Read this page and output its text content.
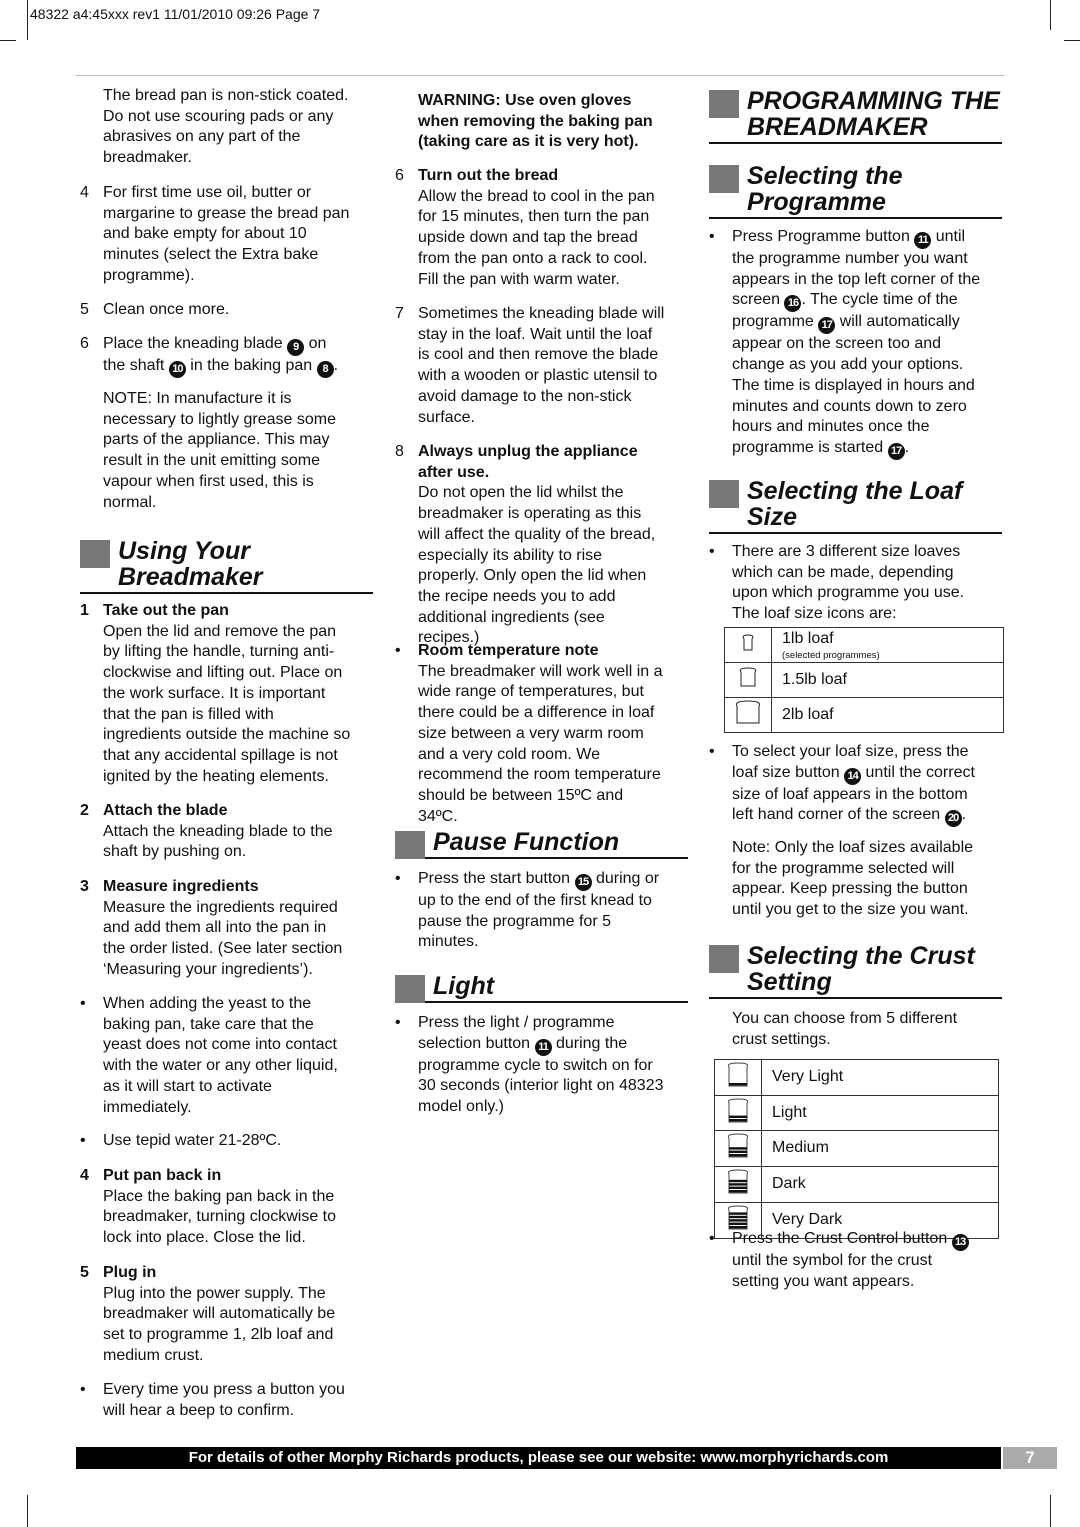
48322 a4:45xxx rev1 11/01/2010 09:26 Page 7
The bread pan is non-stick coated. Do not use scouring pads or any abrasives on any part of the breadmaker.
4 For first time use oil, butter or margarine to grease the bread pan and bake empty for about 10 minutes (select the Extra bake programme).
5 Clean once more.
6 Place the kneading blade 9 on the shaft 10 in the baking pan 8 .
NOTE: In manufacture it is necessary to lightly grease some parts of the appliance. This may result in the unit emitting some vapour when first used, this is normal.
Using Your Breadmaker
1 Take out the pan
Open the lid and remove the pan by lifting the handle, turning anti-clockwise and lifting out. Place on the work surface. It is important that the pan is filled with ingredients outside the machine so that any accidental spillage is not ignited by the heating elements.
2 Attach the blade
Attach the kneading blade to the shaft by pushing on.
3 Measure ingredients
Measure the ingredients required and add them all into the pan in the order listed. (See later section ‘Measuring your ingredients’).
•	When adding the yeast to the baking pan, take care that the yeast does not come into contact with the water or any other liquid, as it will start to activate immediately.
•	Use tepid water 21-28ºC.
4 Put pan back in
Place the baking pan back in the breadmaker, turning clockwise to lock into place. Close the lid.
5 Plug in
Plug into the power supply. The breadmaker will automatically be set to programme 1, 2lb loaf and medium crust.
•	Every time you press a button you will hear a beep to confirm.
WARNING: Use oven gloves when removing the baking pan (taking care as it is very hot).
6 Turn out the bread
Allow the bread to cool in the pan for 15 minutes, then turn the pan upside down and tap the bread from the pan onto a rack to cool. Fill the pan with warm water.
7 Sometimes the kneading blade will stay in the loaf. Wait until the loaf is cool and then remove the blade with a wooden or plastic utensil to avoid damage to the non-stick surface.
8 Always unplug the appliance after use.
Do not open the lid whilst the breadmaker is operating as this will affect the quality of the bread, especially its ability to rise properly. Only open the lid when the recipe needs you to add additional ingredients (see recipes.)
•	Room temperature note
The breadmaker will work well in a wide range of temperatures, but there could be a difference in loaf size between a very warm room and a very cold room. We recommend the room temperature should be between 15ºC and 34ºC.
Pause Function
•	Press the start button 15 during or up to the end of the first knead to pause the programme for 5 minutes.
Light
•	Press the light / programme selection button 11 during the programme cycle to switch on for 30 seconds (interior light on 48323 model only.)
PROGRAMMING THE BREADMAKER
Selecting the Programme
•	Press Programme button 11 until the programme number you want appears in the top left corner of the screen 16 . The cycle time of the programme 17 will automatically appear on the screen too and change as you add your options. The time is displayed in hours and minutes and counts down to zero hours and minutes once the programme is started 17 .
Selecting the Loaf Size
•	There are 3 different size loaves which can be made, depending upon which programme you use. The loaf size icons are:
	1lb loaf
(selected programmes)

	1.5lb loaf
	2lb loaf
•	To select your loaf size, press the loaf size button 14 until the correct size of loaf appears in the bottom left hand corner of the screen 20 .
Note: Only the loaf sizes available for the programme selected will appear. Keep pressing the button until you get to the size you want.
Selecting the Crust Setting
You can choose from 5 different crust settings.
	Very Light
	Light
	Medium
	Dark
	Very Dark
•	Press the Crust Control button 13 until the symbol for the crust setting you want appears.
For details of other Morphy Richards products, please see our website: www.morphyrichards.com	7
